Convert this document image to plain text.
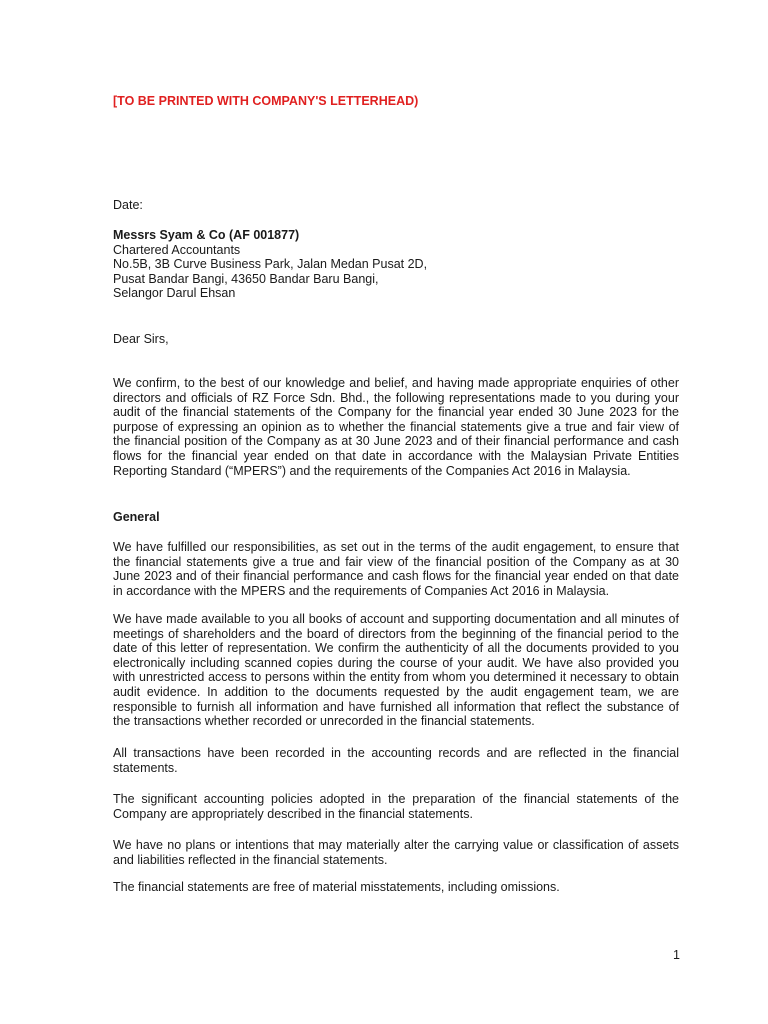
[TO BE PRINTED WITH COMPANY'S LETTERHEAD)

Date:

Messrs Syam & Co (AF 001877)
Chartered Accountants
No.5B, 3B Curve Business Park, Jalan Medan Pusat 2D,
Pusat Bandar Bangi, 43650 Bandar Baru Bangi,
Selangor Darul Ehsan

Dear Sirs,

We confirm, to the best of our knowledge and belief, and having made appropriate enquiries of other directors and officials of RZ Force Sdn. Bhd., the following representations made to you during your audit of the financial statements of the Company for the financial year ended 30 June 2023 for the purpose of expressing an opinion as to whether the financial statements give a true and fair view of the financial position of the Company as at 30 June 2023 and of their financial performance and cash flows for the financial year ended on that date in accordance with the Malaysian Private Entities Reporting Standard (“MPERS”) and the requirements of the Companies Act 2016 in Malaysia.

General

We have fulfilled our responsibilities, as set out in the terms of the audit engagement, to ensure that the financial statements give a true and fair view of the financial position of the Company as at 30 June 2023 and of their financial performance and cash flows for the financial year ended on that date in accordance with the MPERS and the requirements of Companies Act 2016 in Malaysia.

We have made available to you all books of account and supporting documentation and all minutes of meetings of shareholders and the board of directors from the beginning of the financial period to the date of this letter of representation. We confirm the authenticity of all the documents provided to you electronically including scanned copies during the course of your audit. We have also provided you with unrestricted access to persons within the entity from whom you determined it necessary to obtain audit evidence. In addition to the documents requested by the audit engagement team, we are responsible to furnish all information and have furnished all information that reflect the substance of the transactions whether recorded or unrecorded in the financial statements.

All transactions have been recorded in the accounting records and are reflected in the financial statements.

The significant accounting policies adopted in the preparation of the financial statements of the Company are appropriately described in the financial statements.

We have no plans or intentions that may materially alter the carrying value or classification of assets and liabilities reflected in the financial statements.

The financial statements are free of material misstatements, including omissions.

1
